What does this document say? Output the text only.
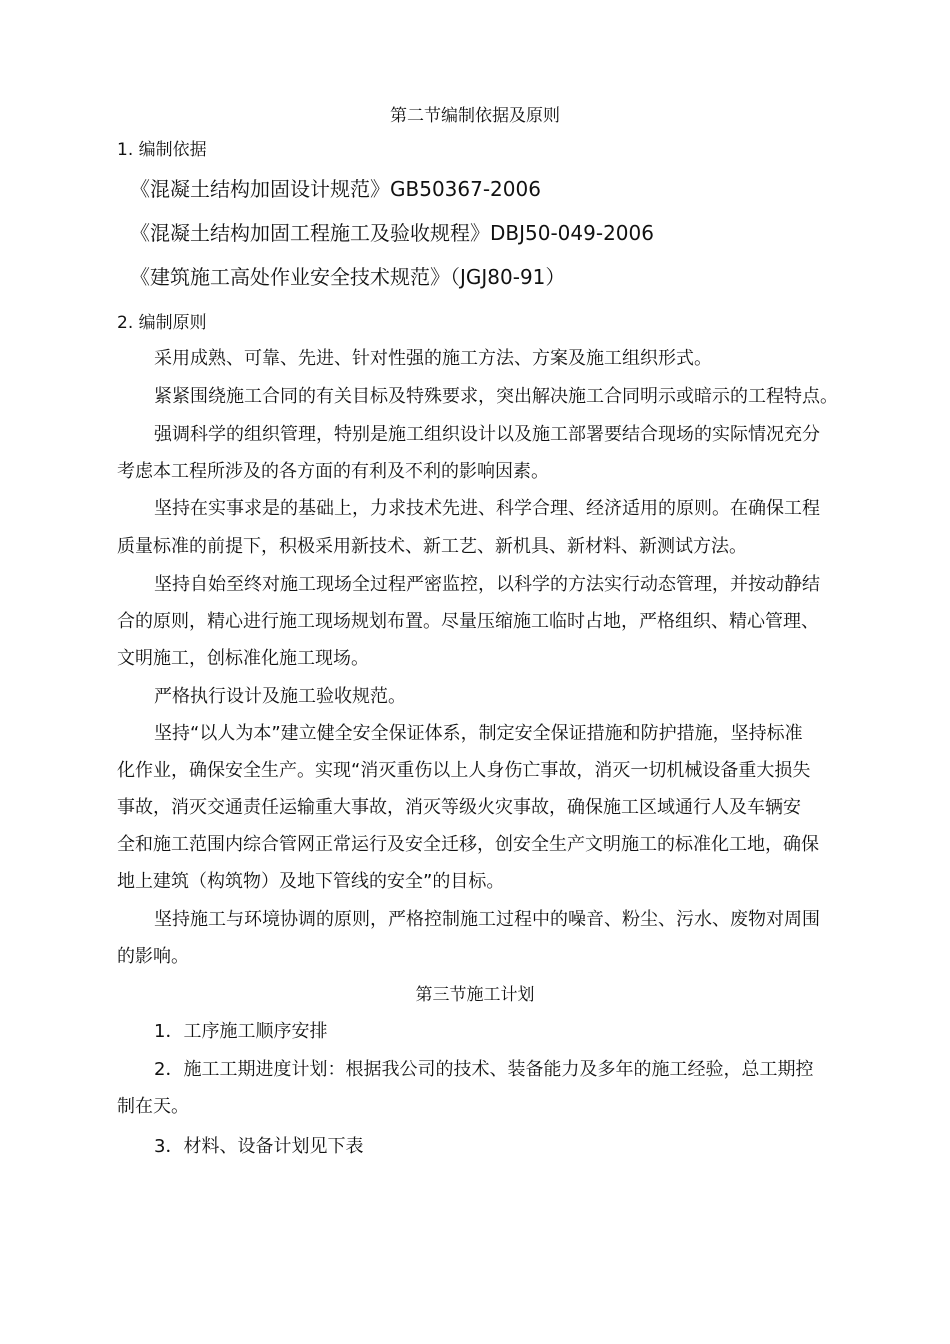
第二节编制依据及原则
1. 编制依据
《混凝土结构加固设计规范》GB50367-2006
《混凝土结构加固工程施工及验收规程》DBJ50-049-2006
《建筑施工高处作业安全技术规范》（JGJ80-91）
2. 编制原则
采用成熟、可靠、先进、针对性强的施工方法、方案及施工组织形式。
紧紧围绕施工合同的有关目标及特殊要求，突出解决施工合同明示或暗示的工程特点。
强调科学的组织管理，特别是施工组织设计以及施工部署要结合现场的实际情况充分
考虑本工程所涉及的各方面的有利及不利的影响因素。
坚持在实事求是的基础上，力求技术先进、科学合理、经济适用的原则。在确保工程
质量标准的前提下，积极采用新技术、新工艺、新机具、新材料、新测试方法。
坚持自始至终对施工现场全过程严密监控，以科学的方法实行动态管理，并按动静结
合的原则，精心进行施工现场规划布置。尽量压缩施工临时占地，严格组织、精心管理、
文明施工，创标准化施工现场。
严格执行设计及施工验收规范。
坚持“以人为本”建立健全安全保证体系，制定安全保证措施和防护措施，坚持标准
化作业，确保安全生产。实现“消灭重伤以上人身伤亡事故，消灭一切机械设备重大损失
事故，消灭交通责任运输重大事故，消灭等级火灾事故，确保施工区域通行人及车辆安
全和施工范围内综合管网正常运行及安全迁移，创安全生产文明施工的标准化工地，确保
地上建筑（构筑物）及地下管线的安全”的目标。
坚持施工与环境协调的原则，严格控制施工过程中的噪音、粉尘、污水、废物对周围
的影响。
第三节施工计划
1．工序施工顺序安排
2．施工工期进度计划：根据我公司的技术、装备能力及多年的施工经验，总工期控
制在天。
3．材料、设备计划见下表
